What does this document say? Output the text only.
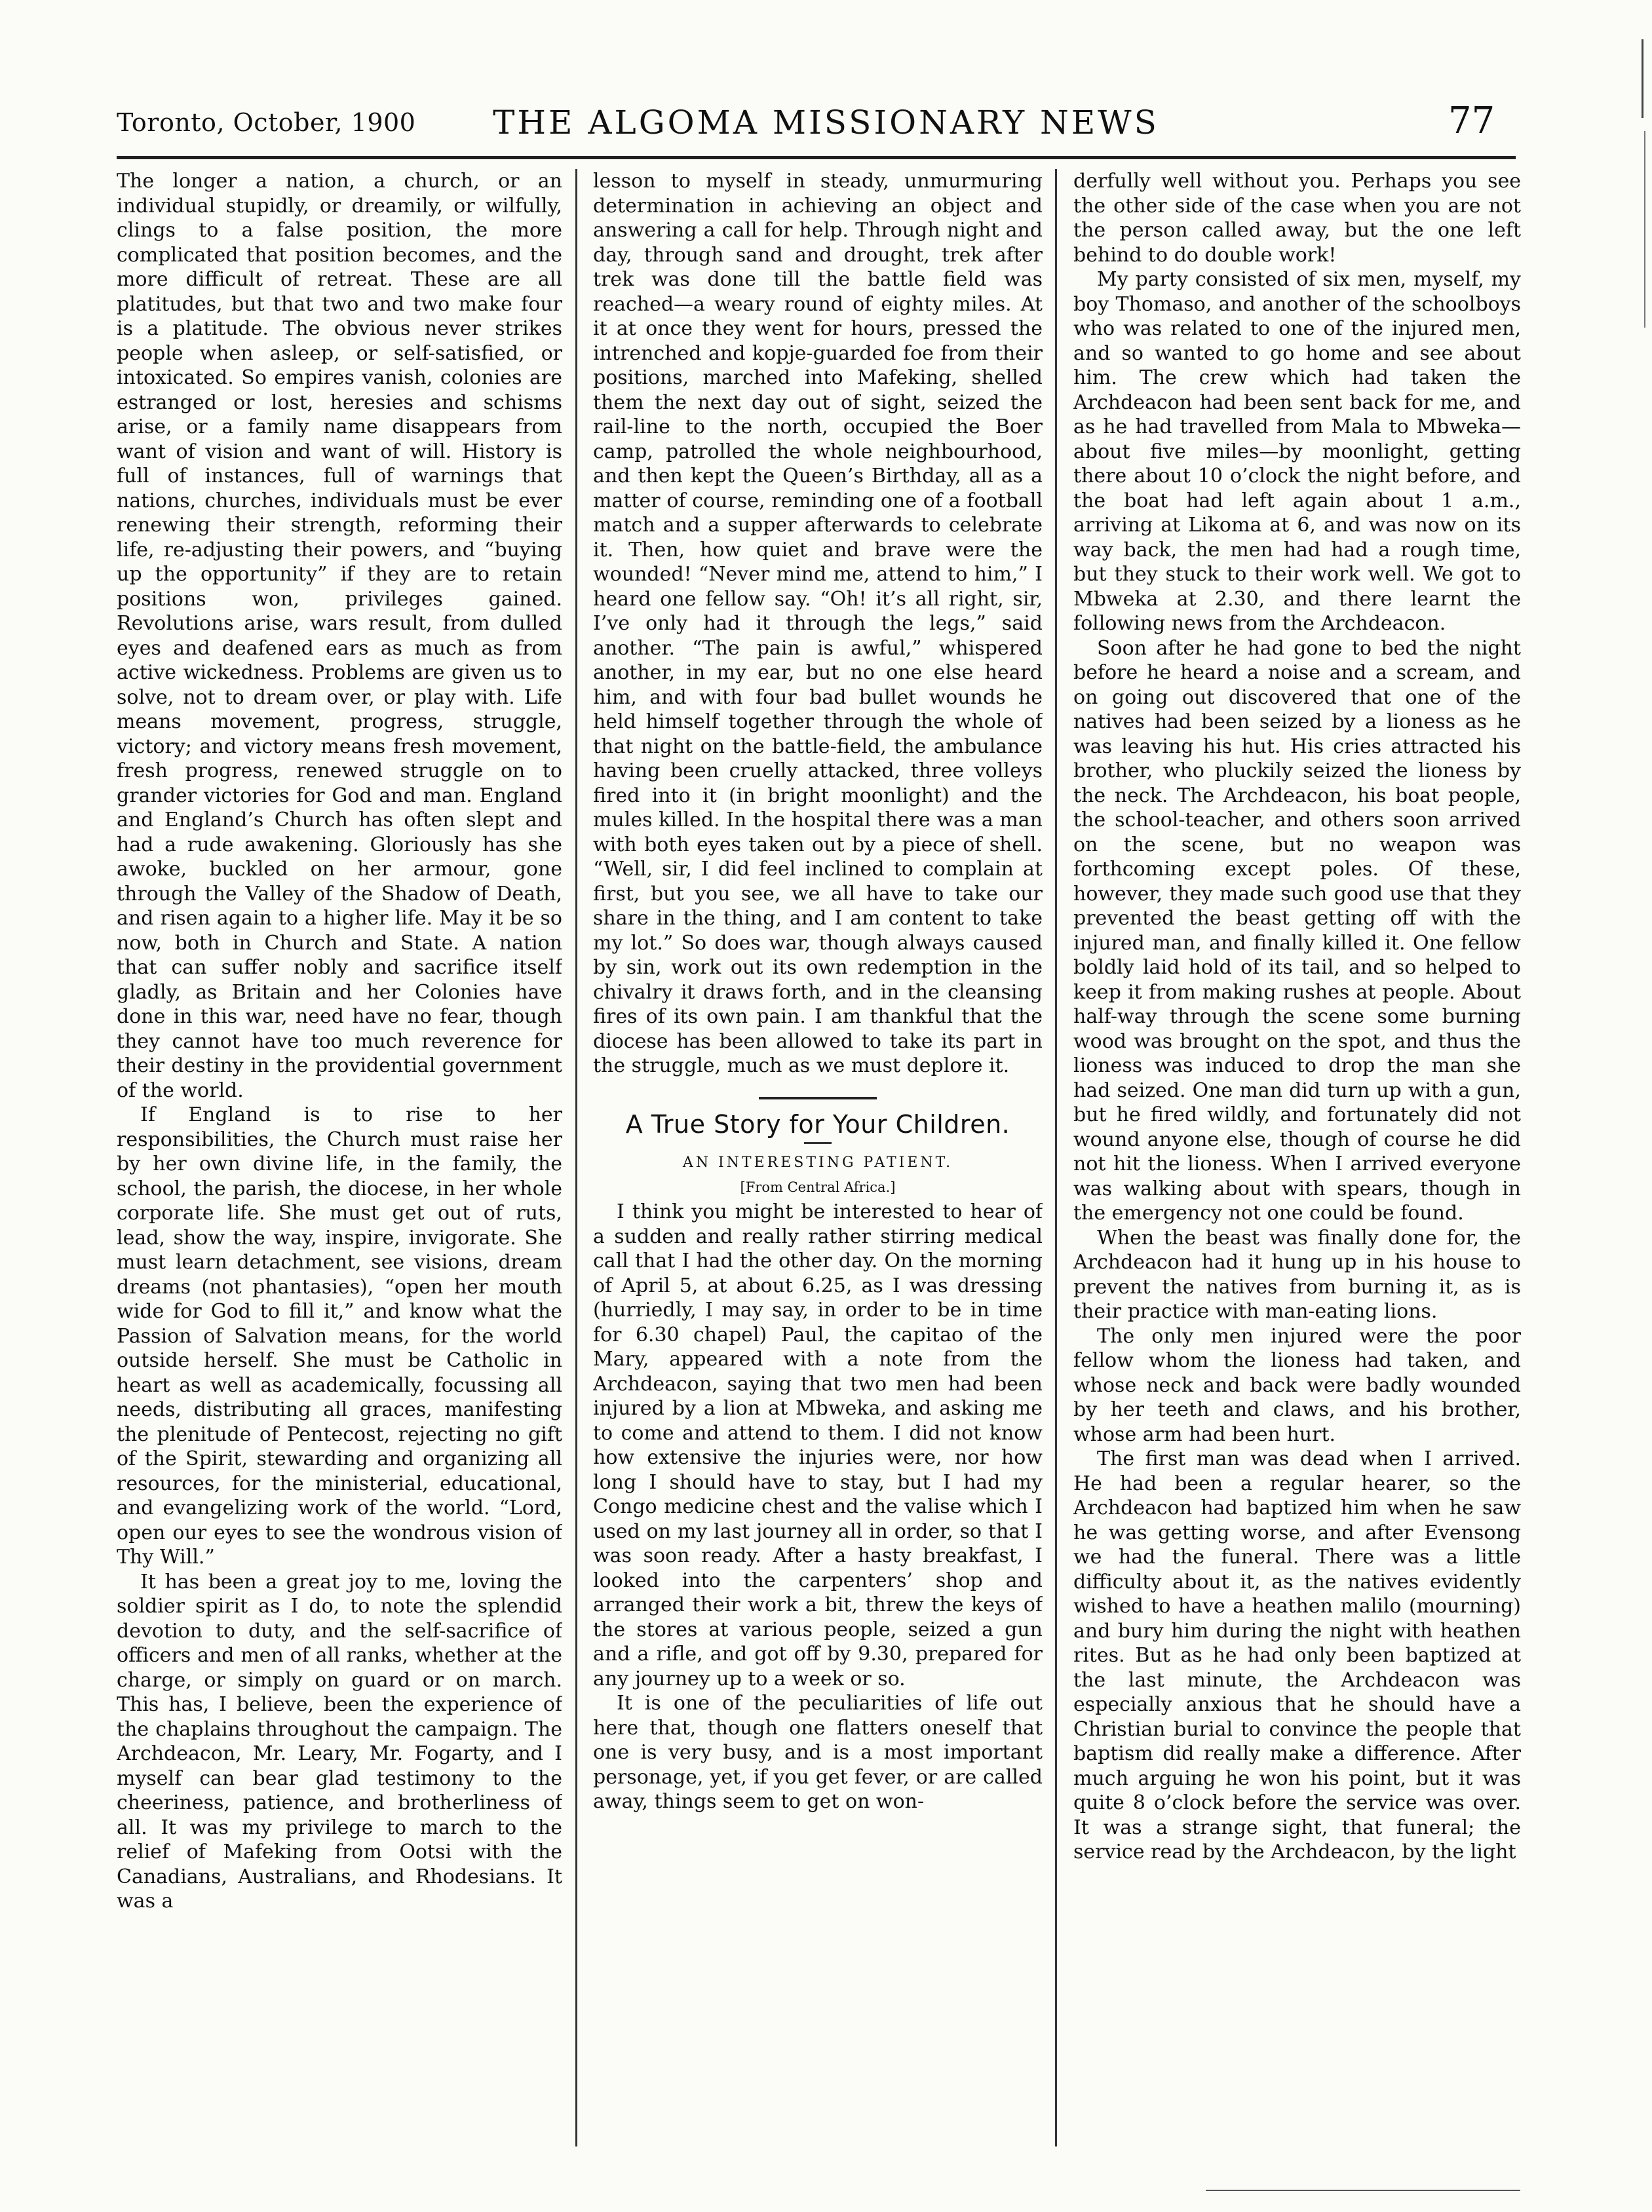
Toronto, October, 1900	THE ALGOMA MISSIONARY NEWS	77

The longer a nation, a church, or an individual stupidly, or dreamily, or wilfully, clings to a false position, the more complicated that position becomes, and the more difficult of retreat. These are all platitudes, but that two and two make four is a platitude. The obvious never strikes people when asleep, or self-satisfied, or intoxicated. So empires vanish, colonies are estranged or lost, heresies and schisms arise, or a family name disappears from want of vision and want of will. History is full of instances, full of warnings that nations, churches, individuals must be ever renewing their strength, reforming their life, re-adjusting their powers, and “buying up the opportunity” if they are to retain positions won, privileges gained. Revolutions arise, wars result, from dulled eyes and deafened ears as much as from active wickedness. Problems are given us to solve, not to dream over, or play with. Life means movement, progress, struggle, victory; and victory means fresh movement, fresh progress, renewed struggle on to grander victories for God and man. England and England’s Church has often slept and had a rude awakening. Gloriously has she awoke, buckled on her armour, gone through the Valley of the Shadow of Death, and risen again to a higher life. May it be so now, both in Church and State. A nation that can suffer nobly and sacrifice itself gladly, as Britain and her Colonies have done in this war, need have no fear, though they cannot have too much reverence for their destiny in the providential government of the world.

If England is to rise to her responsibilities, the Church must raise her by her own divine life, in the family, the school, the parish, the diocese, in her whole corporate life. She must get out of ruts, lead, show the way, inspire, invigorate. She must learn detachment, see visions, dream dreams (not phantasies), “open her mouth wide for God to fill it,” and know what the Passion of Salvation means, for the world outside herself. She must be Catholic in heart as well as academically, focussing all needs, distributing all graces, manifesting the plenitude of Pentecost, rejecting no gift of the Spirit, stewarding and organizing all resources, for the ministerial, educational, and evangelizing work of the world. “Lord, open our eyes to see the wondrous vision of Thy Will.”

It has been a great joy to me, loving the soldier spirit as I do, to note the splendid devotion to duty, and the self-sacrifice of officers and men of all ranks, whether at the charge, or simply on guard or on march. This has, I believe, been the experience of the chaplains throughout the campaign. The Archdeacon, Mr. Leary, Mr. Fogarty, and I myself can bear glad testimony to the cheeriness, patience, and brotherliness of all. It was my privilege to march to the relief of Mafeking from Ootsi with the Canadians, Australians, and Rhodesians. It was a

lesson to myself in steady, unmurmuring determination in achieving an object and answering a call for help. Through night and day, through sand and drought, trek after trek was done till the battle field was reached—a weary round of eighty miles. At it at once they went for hours, pressed the intrenched and kopje-guarded foe from their positions, marched into Mafeking, shelled them the next day out of sight, seized the rail-line to the north, occupied the Boer camp, patrolled the whole neighbourhood, and then kept the Queen’s Birthday, all as a matter of course, reminding one of a football match and a supper afterwards to celebrate it. Then, how quiet and brave were the wounded! “Never mind me, attend to him,” I heard one fellow say. “Oh! it’s all right, sir, I’ve only had it through the legs,” said another. “The pain is awful,” whispered another, in my ear, but no one else heard him, and with four bad bullet wounds he held himself together through the whole of that night on the battle-field, the ambulance having been cruelly attacked, three volleys fired into it (in bright moonlight) and the mules killed. In the hospital there was a man with both eyes taken out by a piece of shell. “Well, sir, I did feel inclined to complain at first, but you see, we all have to take our share in the thing, and I am content to take my lot.” So does war, though always caused by sin, work out its own redemption in the chivalry it draws forth, and in the cleansing fires of its own pain. I am thankful that the diocese has been allowed to take its part in the struggle, much as we must deplore it.

A True Story for Your Children.

AN INTERESTING PATIENT.

[From Central Africa.]

I think you might be interested to hear of a sudden and really rather stirring medical call that I had the other day. On the morning of April 5, at about 6.25, as I was dressing (hurriedly, I may say, in order to be in time for 6.30 chapel) Paul, the capitao of the Mary, appeared with a note from the Archdeacon, saying that two men had been injured by a lion at Mbweka, and asking me to come and attend to them. I did not know how extensive the injuries were, nor how long I should have to stay, but I had my Congo medicine chest and the valise which I used on my last journey all in order, so that I was soon ready. After a hasty breakfast, I looked into the carpenters’ shop and arranged their work a bit, threw the keys of the stores at various people, seized a gun and a rifle, and got off by 9.30, prepared for any journey up to a week or so.

It is one of the peculiarities of life out here that, though one flatters oneself that one is very busy, and is a most important personage, yet, if you get fever, or are called away, things seem to get on won-

derfully well without you. Perhaps you see the other side of the case when you are not the person called away, but the one left behind to do double work!

My party consisted of six men, myself, my boy Thomaso, and another of the schoolboys who was related to one of the injured men, and so wanted to go home and see about him. The crew which had taken the Archdeacon had been sent back for me, and as he had travelled from Mala to Mbweka—about five miles—by moonlight, getting there about 10 o’clock the night before, and the boat had left again about 1 a.m., arriving at Likoma at 6, and was now on its way back, the men had had a rough time, but they stuck to their work well. We got to Mbweka at 2.30, and there learnt the following news from the Archdeacon.

Soon after he had gone to bed the night before he heard a noise and a scream, and on going out discovered that one of the natives had been seized by a lioness as he was leaving his hut. His cries attracted his brother, who pluckily seized the lioness by the neck. The Archdeacon, his boat people, the school-teacher, and others soon arrived on the scene, but no weapon was forthcoming except poles. Of these, however, they made such good use that they prevented the beast getting off with the injured man, and finally killed it. One fellow boldly laid hold of its tail, and so helped to keep it from making rushes at people. About half-way through the scene some burning wood was brought on the spot, and thus the lioness was induced to drop the man she had seized. One man did turn up with a gun, but he fired wildly, and fortunately did not wound anyone else, though of course he did not hit the lioness. When I arrived everyone was walking about with spears, though in the emergency not one could be found.

When the beast was finally done for, the Archdeacon had it hung up in his house to prevent the natives from burning it, as is their practice with man-eating lions.

The only men injured were the poor fellow whom the lioness had taken, and whose neck and back were badly wounded by her teeth and claws, and his brother, whose arm had been hurt.

The first man was dead when I arrived. He had been a regular hearer, so the Archdeacon had baptized him when he saw he was getting worse, and after Evensong we had the funeral. There was a little difficulty about it, as the natives evidently wished to have a heathen malilo (mourning) and bury him during the night with heathen rites. But as he had only been baptized at the last minute, the Archdeacon was especially anxious that he should have a Christian burial to convince the people that baptism did really make a difference. After much arguing he won his point, but it was quite 8 o’clock before the service was over. It was a strange sight, that funeral; the service read by the Archdeacon, by the light
